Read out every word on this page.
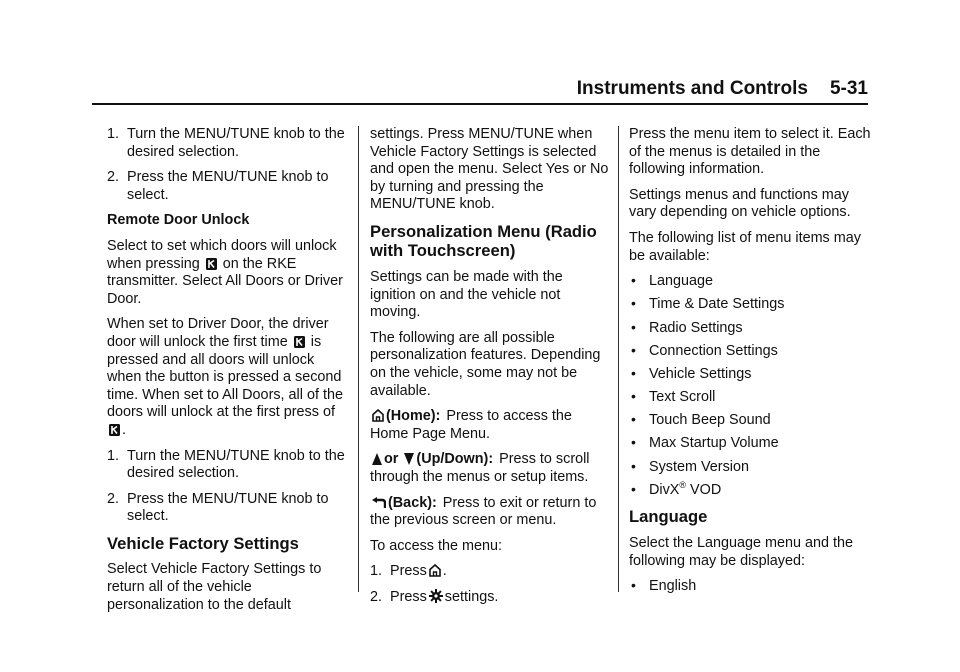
Instruments and Controls 5-31

1. Turn the MENU/TUNE knob to the desired selection.

2. Press the MENU/TUNE knob to select.

Remote Door Unlock

Select to set which doors will unlock when pressing on the RKE transmitter. Select All Doors or Driver Door.

When set to Driver Door, the driver door will unlock the first time is pressed and all doors will unlock when the button is pressed a second time. When set to All Doors, all of the doors will unlock at the first press of .

1. Turn the MENU/TUNE knob to the desired selection.

2. Press the MENU/TUNE knob to select.

Vehicle Factory Settings

Select Vehicle Factory Settings to return all of the vehicle personalization to the default

settings. Press MENU/TUNE when Vehicle Factory Settings is selected and open the menu. Select Yes or No by turning and pressing the MENU/TUNE knob.

Personalization Menu (Radio with Touchscreen)

Settings can be made with the ignition on and the vehicle not moving.

The following are all possible personalization features. Depending on the vehicle, some may not be available.

(Home): Press to access the Home Page Menu.

or (Up/Down): Press to scroll through the menus or setup items.

(Back): Press to exit or return to the previous screen or menu.

To access the menu:

1. Press .

2. Press settings.

Press the menu item to select it. Each of the menus is detailed in the following information.

Settings menus and functions may vary depending on vehicle options.

The following list of menu items may be available:

• Language
• Time & Date Settings
• Radio Settings
• Connection Settings
• Vehicle Settings
• Text Scroll
• Touch Beep Sound
• Max Startup Volume
• System Version
• DivX® VOD
Language

Select the Language menu and the following may be displayed:

• English
